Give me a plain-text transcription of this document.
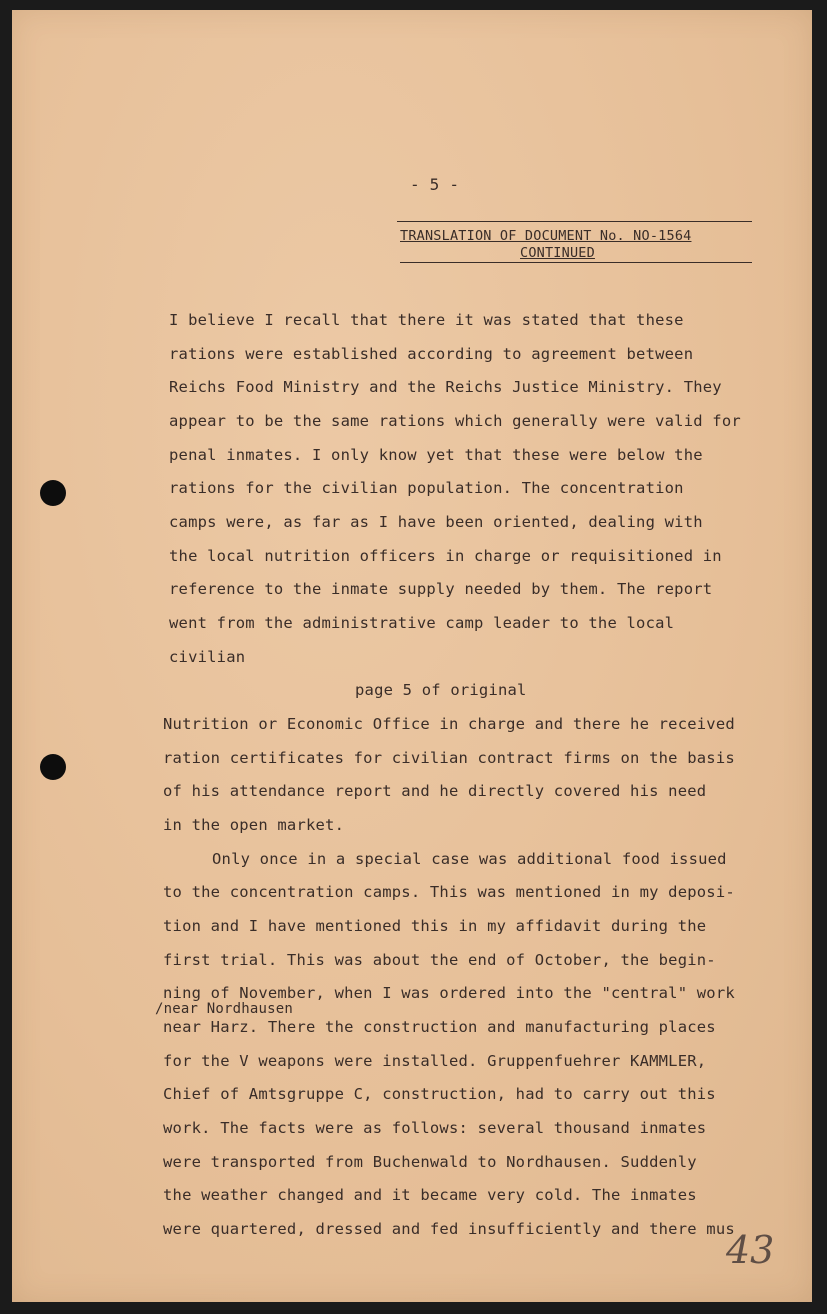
- 5 -
TRANSLATION OF DOCUMENT No. NO-1564
CONTINUED
I believe I recall that there it was stated that these
rations were established according to agreement between
Reichs Food Ministry and the Reichs Justice Ministry. They
appear to be the same rations which generally were valid for
penal inmates. I only know yet that these were below the
rations for the civilian population. The concentration
camps were, as far as I have been oriented, dealing with
the local nutrition officers in charge or requisitioned in
reference to the inmate supply needed by them. The report
went from the administrative camp leader to the local
civilian
page 5 of original
Nutrition or Economic Office in charge and there he received
ration certificates for civilian contract firms on the basis
of his attendance report and he directly covered his need
in the open market.
Only once in a special case was additional food issued
to the concentration camps. This was mentioned in my deposi-
tion and I have mentioned this in my affidavit during the
first trial. This was about the end of October, the begin-
ning of November, when I was ordered into the "central" work
/near Nordhausen
near Harz. There the construction and manufacturing places
for the V weapons were installed. Gruppenfuehrer KAMMLER,
Chief of Amtsgruppe C, construction, had to carry out this
work. The facts were as follows: several thousand inmates
were transported from Buchenwald to Nordhausen. Suddenly
the weather changed and it became very cold. The inmates
were quartered, dressed and fed insufficiently and there mus
43
